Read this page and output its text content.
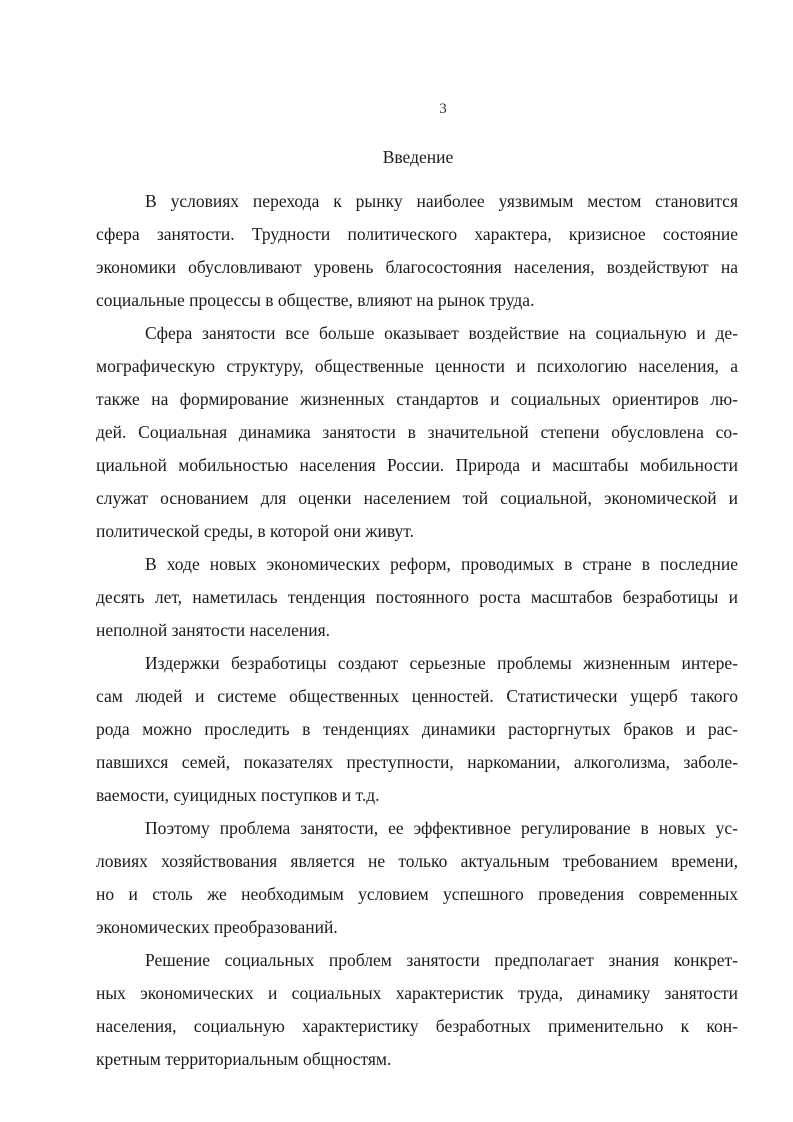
3
Введение
В условиях перехода к рынку наиболее уязвимым местом становится
сфера занятости. Трудности политического характера, кризисное состояние
экономики обусловливают уровень благосостояния населения, воздействуют на
социальные процессы в обществе, влияют на рынок труда.
Сфера занятости все больше оказывает воздействие на социальную и де-
мографическую структуру, общественные ценности и психологию населения, а
также на формирование жизненных стандартов и социальных ориентиров лю-
дей. Социальная динамика занятости в значительной степени обусловлена со-
циальной мобильностью населения России. Природа и масштабы мобильности
служат основанием для оценки населением той социальной, экономической и
политической среды, в которой они живут.
В ходе новых экономических реформ, проводимых в стране в последние
десять лет, наметилась тенденция постоянного роста масштабов безработицы и
неполной занятости населения.
Издержки безработицы создают серьезные проблемы жизненным интере-
сам людей и системе общественных ценностей. Статистически ущерб такого
рода можно проследить в тенденциях динамики расторгнутых браков и рас-
павшихся семей, показателях преступности, наркомании, алкоголизма, заболе-
ваемости, суицидных поступков и т.д.
Поэтому проблема занятости, ее эффективное регулирование в новых ус-
ловиях хозяйствования является не только актуальным требованием времени,
но и столь же необходимым условием успешного проведения современных
экономических преобразований.
Решение социальных проблем занятости предполагает знания конкрет-
ных экономических и социальных характеристик труда, динамику занятости
населения, социальную характеристику безработных применительно к кон-
кретным территориальным общностям.
